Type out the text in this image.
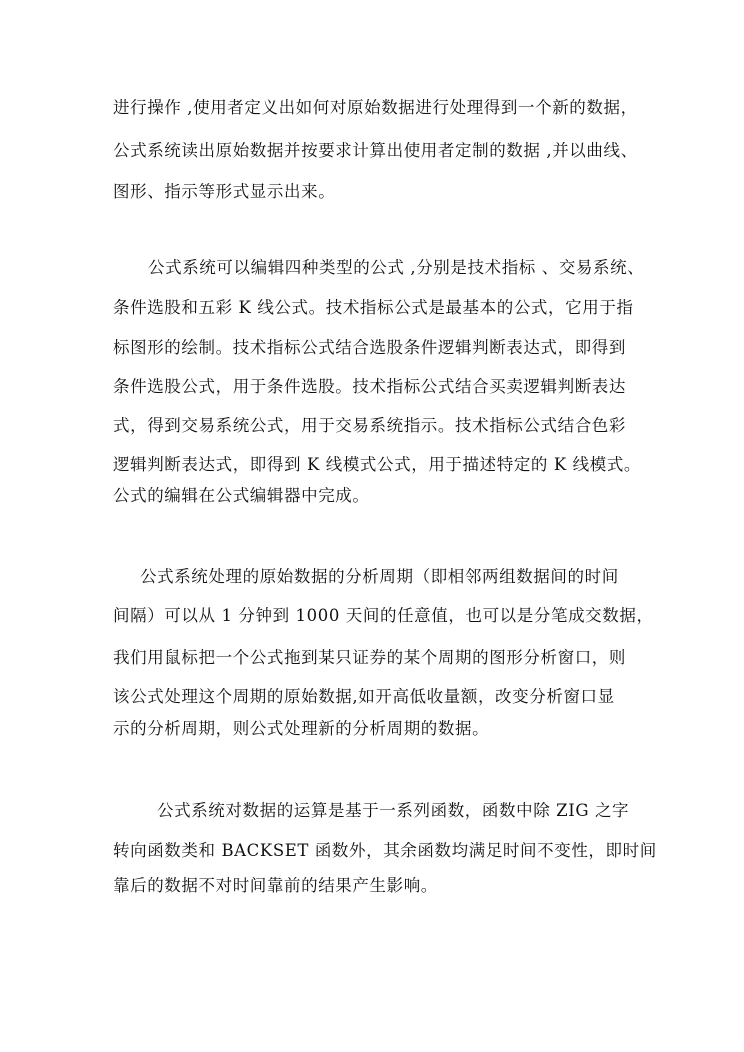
进行操作 ,使用者定义出如何对原始数据进行处理得到一个新的数据，

公式系统读出原始数据并按要求计算出使用者定制的数据 ,并以曲线、

图形、指示等形式显示出来。

公式系统可以编辑四种类型的公式 ,分别是技术指标 、交易系统、

条件选股和五彩 K 线公式。技术指标公式是最基本的公式，它用于指

标图形的绘制。技术指标公式结合选股条件逻辑判断表达式，即得到

条件选股公式，用于条件选股。技术指标公式结合买卖逻辑判断表达

式，得到交易系统公式，用于交易系统指示。技术指标公式结合色彩

逻辑判断表达式，即得到 K 线模式公式，用于描述特定的 K 线模式。

公式的编辑在公式编辑器中完成。

公式系统处理的原始数据的分析周期（即相邻两组数据间的时间

间隔）可以从 1 分钟到 1000 天间的任意值，也可以是分笔成交数据，

我们用鼠标把一个公式拖到某只证券的某个周期的图形分析窗口，则

该公式处理这个周期的原始数据,如开高低收量额，改变分析窗口显

示的分析周期，则公式处理新的分析周期的数据。

公式系统对数据的运算是基于一系列函数，函数中除 ZIG 之字

转向函数类和 BACKSET 函数外，其余函数均满足时间不变性，即时间

靠后的数据不对时间靠前的结果产生影响。
